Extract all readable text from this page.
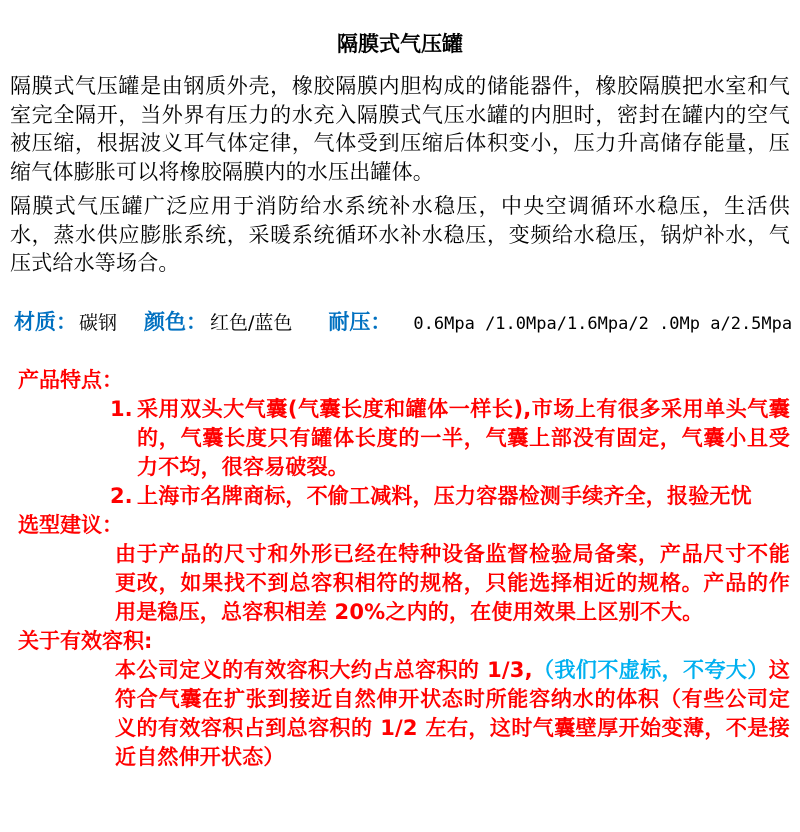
隔膜式气压罐

隔膜式气压罐是由钢质外壳，橡胶隔膜内胆构成的储能器件，橡胶隔膜把水室和气室完全隔开，当外界有压力的水充入隔膜式气压水罐的内胆时，密封在罐内的空气被压缩，根据波义耳气体定律，气体受到压缩后体积变小，压力升高储存能量，压缩气体膨胀可以将橡胶隔膜内的水压出罐体。

隔膜式气压罐广泛应用于消防给水系统补水稳压，中央空调循环水稳压，生活供水，蒸水供应膨胀系统，采暖系统循环水补水稳压，变频给水稳压，锅炉补水，气压式给水等场合。

材质： 碳钢 颜色： 红色/蓝色 耐压： 0.6Mpa /1.0Mpa/1.6Mpa/2 .0Mp a/2.5Mpa
产品特点：
1. 采用双头大气囊(气囊长度和罐体一样长),市场上有很多采用单头气囊的，气囊长度只有罐体长度的一半，气囊上部没有固定，气囊小且受力不均，很容易破裂。
2. 上海市名牌商标，不偷工减料，压力容器检测手续齐全，报验无忧
选型建议：

由于产品的尺寸和外形已经在特种设备监督检验局备案，产品尺寸不能更改，如果找不到总容积相符的规格，只能选择相近的规格。产品的作用是稳压，总容积相差 20%之内的，在使用效果上区别不大。

关于有效容积:

本公司定义的有效容积大约占总容积的 1/3,（我们不虚标，不夸大）这符合气囊在扩张到接近自然伸开状态时所能容纳水的体积（有些公司定义的有效容积占到总容积的 1/2 左右，这时气囊壁厚开始变薄，不是接近自然伸开状态）
